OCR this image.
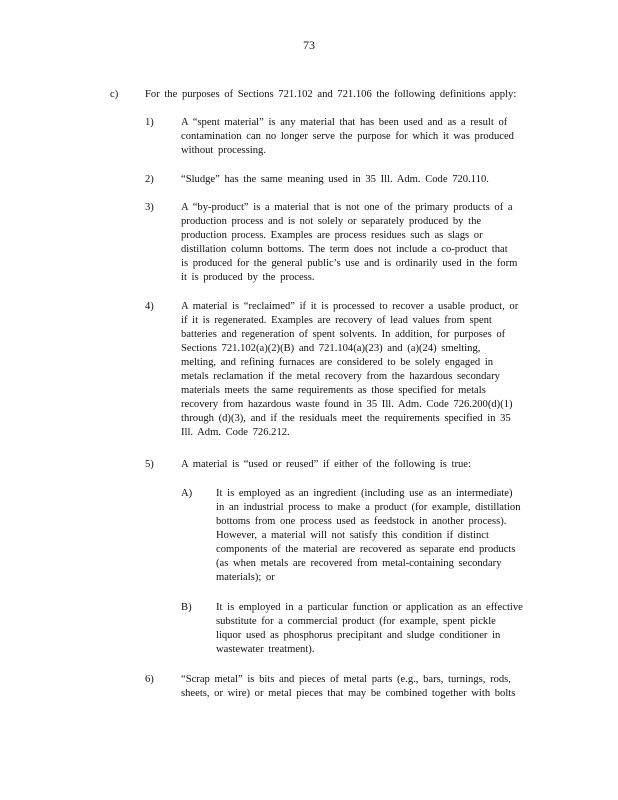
73
c)	For the purposes of Sections 721.102 and 721.106 the following definitions apply:
1)	A “spent material” is any material that has been used and as a result of
contamination can no longer serve the purpose for which it was produced
without processing.
2)	“Sludge” has the same meaning used in 35 Ill. Adm. Code 720.110.
3)	A “by-product” is a material that is not one of the primary products of a
production process and is not solely or separately produced by the
production process. Examples are process residues such as slags or
distillation column bottoms. The term does not include a co-product that
is produced for the general public’s use and is ordinarily used in the form
it is produced by the process.
4)	A material is “reclaimed” if it is processed to recover a usable product, or
if it is regenerated. Examples are recovery of lead values from spent
batteries and regeneration of spent solvents. In addition, for purposes of
Sections 721.102(a)(2)(B) and 721.104(a)(23) and (a)(24) smelting,
melting, and refining furnaces are considered to be solely engaged in
metals reclamation if the metal recovery from the hazardous secondary
materials meets the same requirements as those specified for metals
recovery from hazardous waste found in 35 Ill. Adm. Code 726.200(d)(1)
through (d)(3), and if the residuals meet the requirements specified in 35
Ill. Adm. Code 726.212.
5)	A material is “used or reused” if either of the following is true:
A) It is employed as an ingredient (including use as an intermediate)
in an industrial process to make a product (for example, distillation
bottoms from one process used as feedstock in another process).
However, a material will not satisfy this condition if distinct
components of the material are recovered as separate end products
(as when metals are recovered from metal-containing secondary
materials); or
B) It is employed in a particular function or application as an effective
substitute for a commercial product (for example, spent pickle
liquor used as phosphorus precipitant and sludge conditioner in
wastewater treatment).
6)	“Scrap metal” is bits and pieces of metal parts (e.g., bars, turnings, rods,
sheets, or wire) or metal pieces that may be combined together with bolts
